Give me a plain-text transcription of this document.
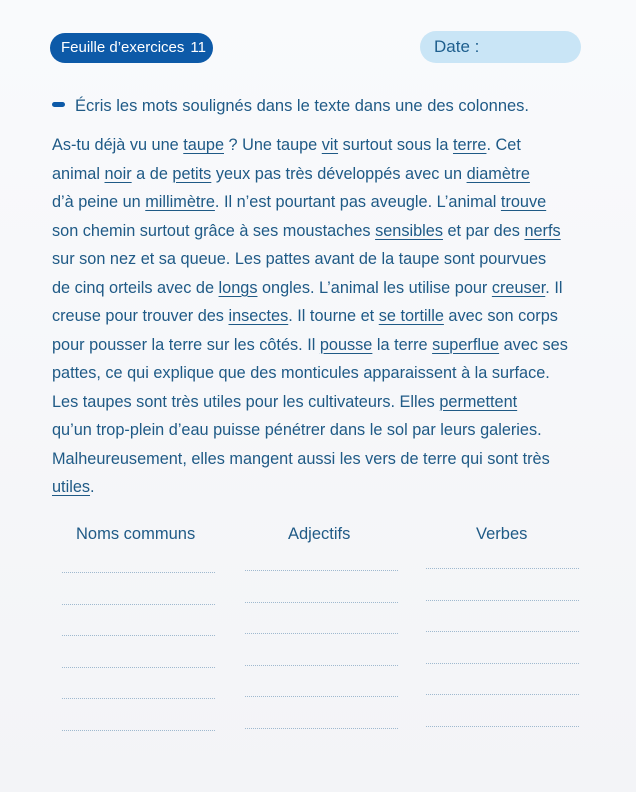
Feuille d’exercices 11	Date :
Écris les mots soulignés dans le texte dans une des colonnes.
As-tu déjà vu une taupe ? Une taupe vit surtout sous la terre. Cet
animal noir a de petits yeux pas très développés avec un diamètre
d’à peine un millimètre. Il n’est pourtant pas aveugle. L’animal trouve
son chemin surtout grâce à ses moustaches sensibles et par des nerfs
sur son nez et sa queue. Les pattes avant de la taupe sont pourvues
de cinq orteils avec de longs ongles. L’animal les utilise pour creuser. Il
creuse pour trouver des insectes. Il tourne et se tortille avec son corps
pour pousser la terre sur les côtés. Il pousse la terre superflue avec ses
pattes, ce qui explique que des monticules apparaissent à la surface.
Les taupes sont très utiles pour les cultivateurs. Elles permettent
qu’un trop-plein d’eau puisse pénétrer dans le sol par leurs galeries.
Malheureusement, elles mangent aussi les vers de terre qui sont très
utiles.
Noms communs	Adjectifs	Verbes
